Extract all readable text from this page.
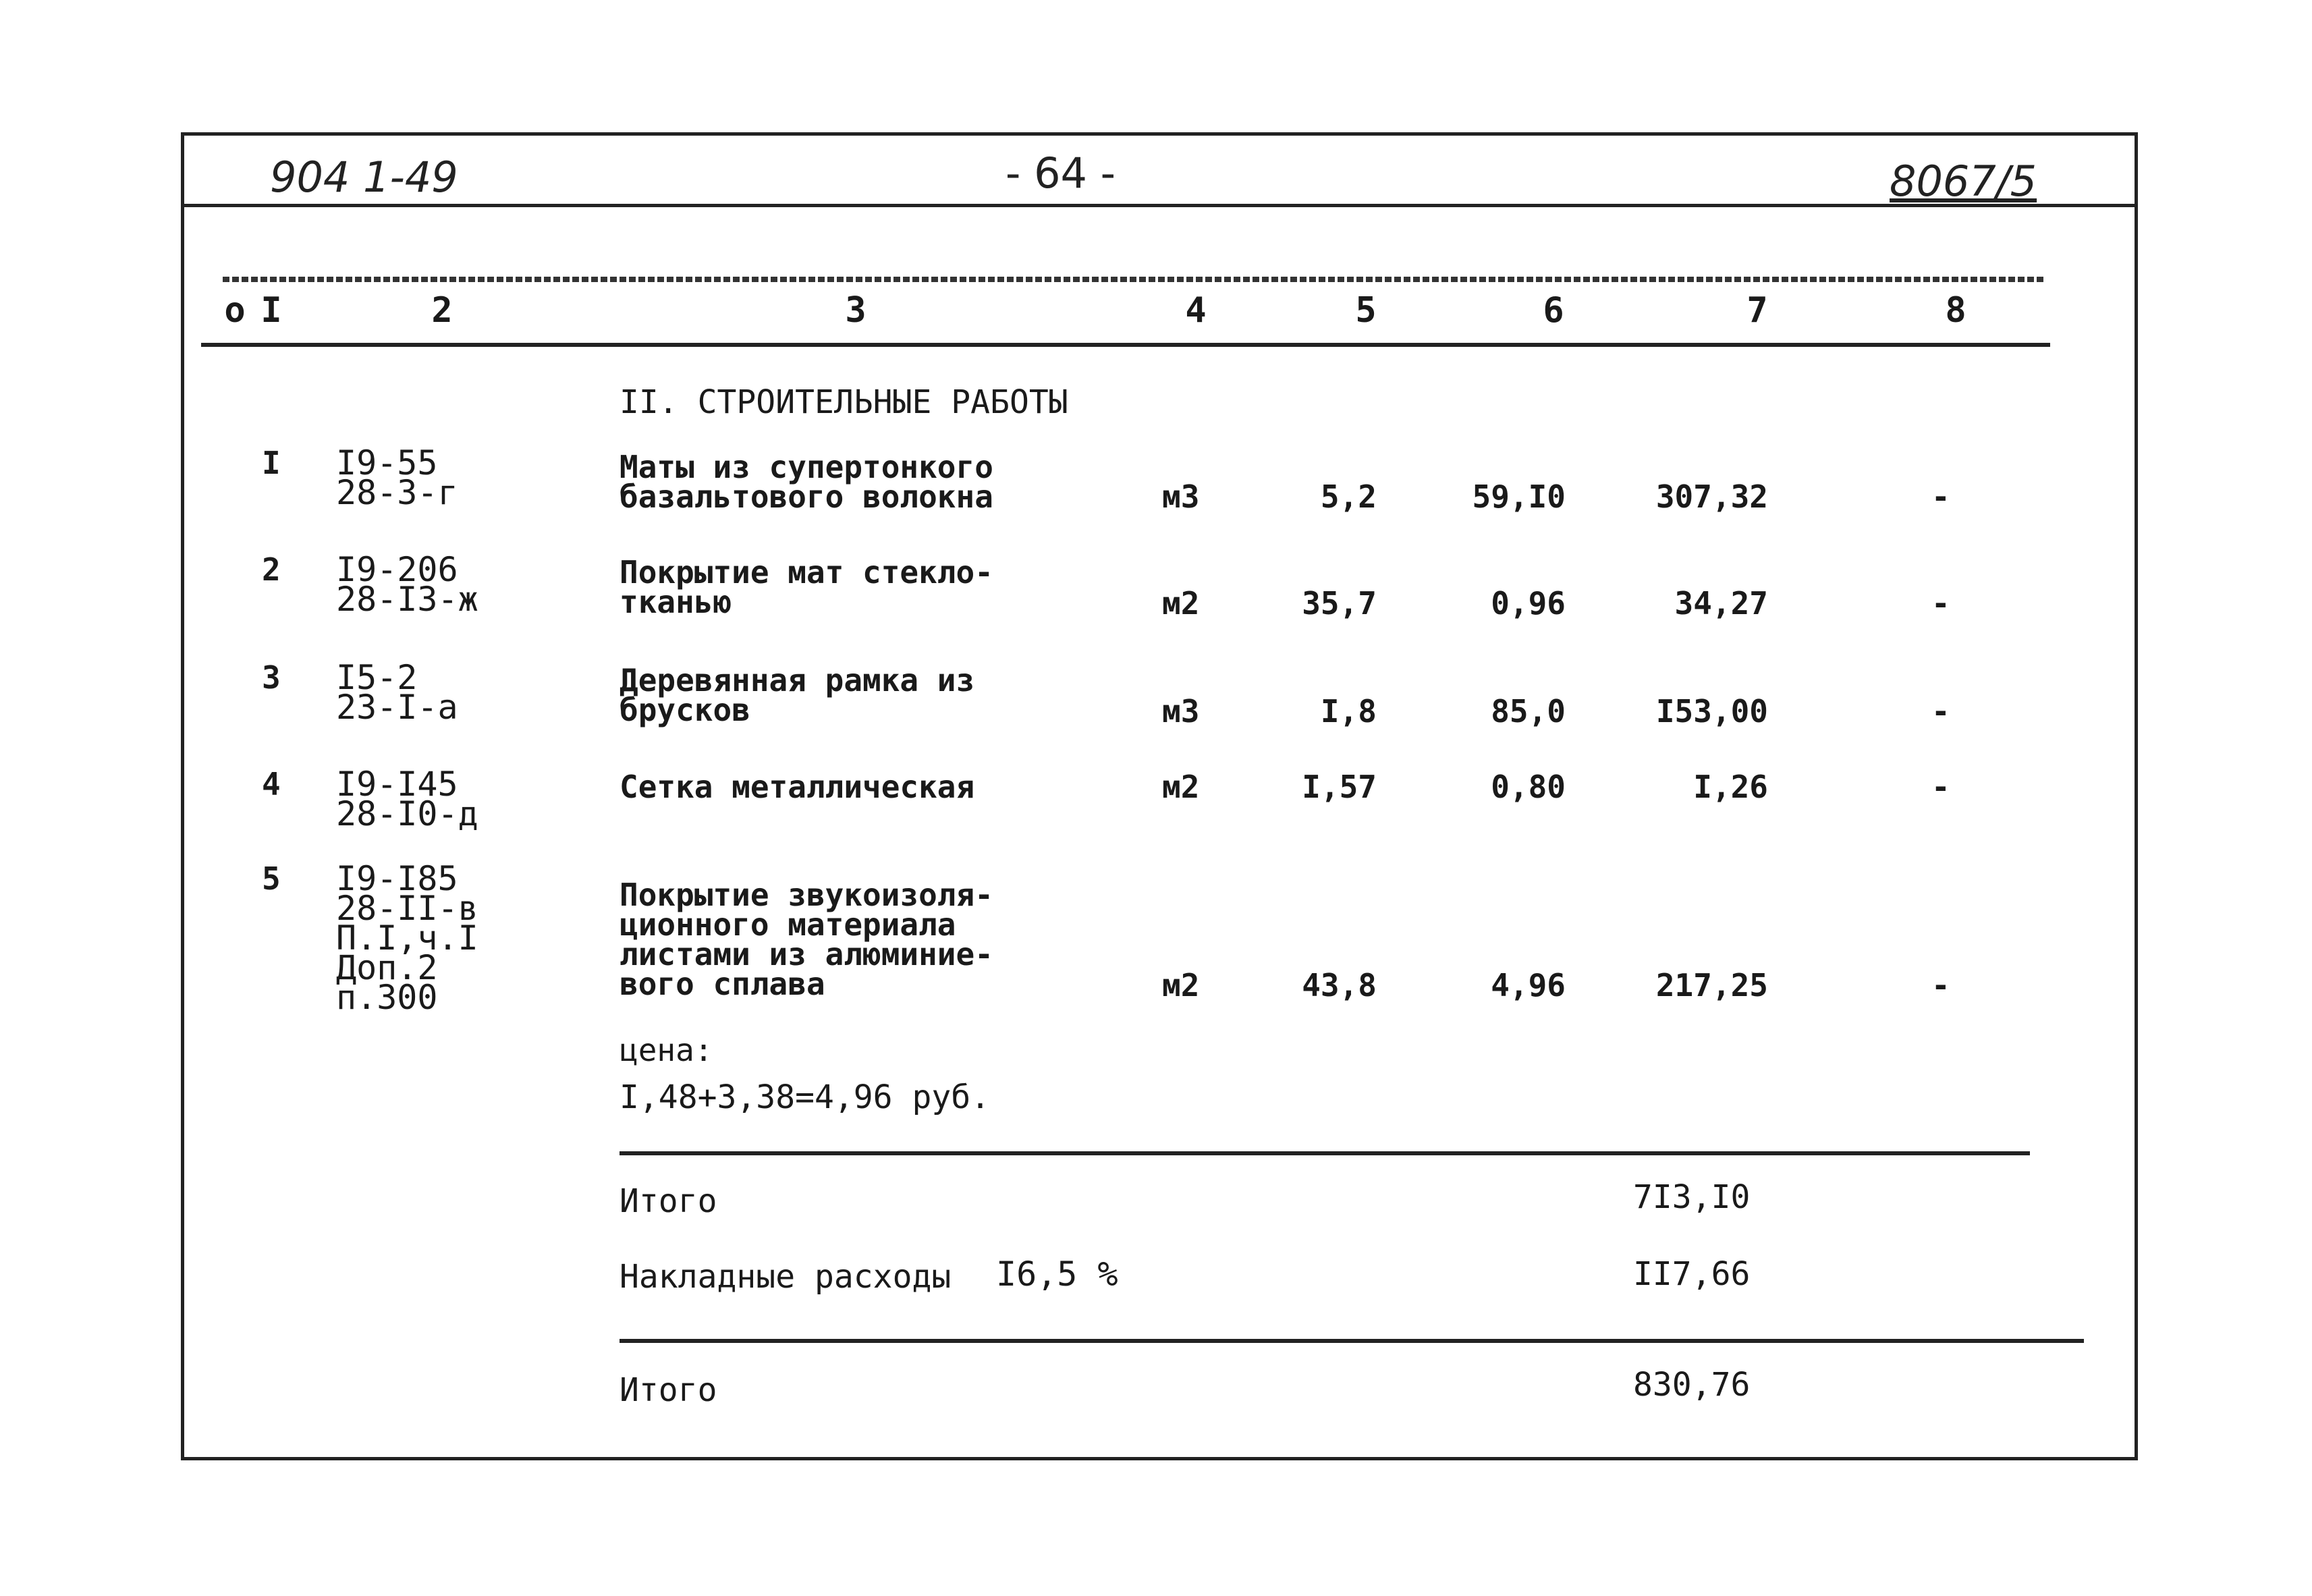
904 1-49	- 64 -	8067/5
o I	2	3	4	5	6	7	8
II. СТРОИТЕЛЬНЫЕ РАБОТЫ
I I9-55
28-3-г
Маты из супертонкого
базальтового волокна	м3	5,2	59,I0	307,32	-
2 I9-206
28-I3-ж
Покрытие мат стекло-
тканью	м2	35,7	0,96	34,27	-
3 I5-2
23-I-а
Деревянная рамка из
брусков	м3	I,8	85,0	I53,00	-
4 I9-I45
28-I0-д
Сетка металлическая	м2	I,57	0,80	I,26	-
5 I9-I85
28-II-в
П.I,ч.I
Доп.2
п.300
Покрытие звукоизоля-
ционного материала
листами из алюминие-
вого сплава	м2	43,8	4,96	217,25	-
цена:
I,48+3,38=4,96 руб.
Итого	7I3,I0
Накладные расходы I6,5 %	II7,66
Итого	830,76
